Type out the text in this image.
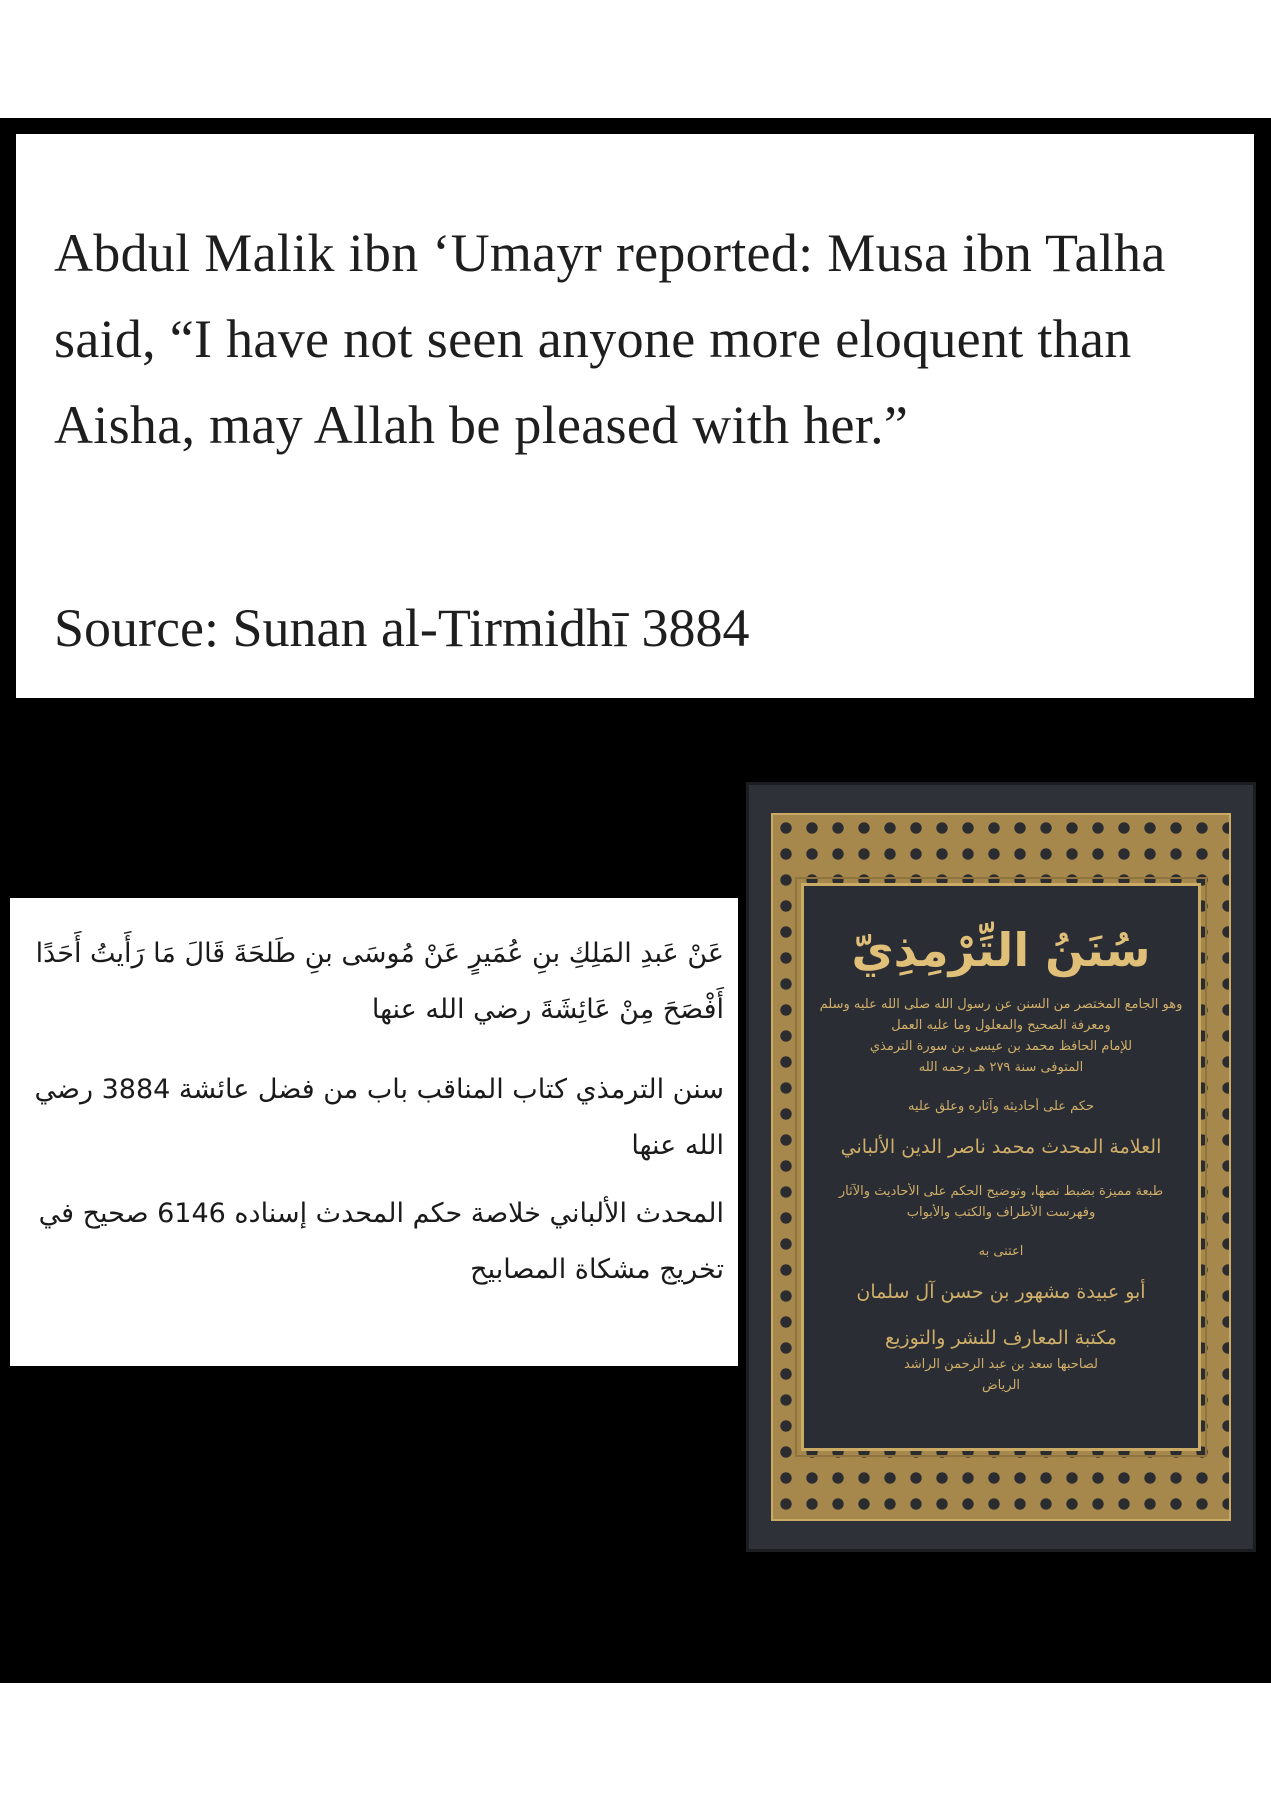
Abdul Malik ibn ‘Umayr reported: Musa ibn Talha said, “I have not seen anyone more eloquent than Aisha, may Allah be pleased with her.”

Source: Sunan al-Tirmidhī 3884

عَنْ عَبدِ المَلِكِ بنِ عُمَيرٍ عَنْ مُوسَى بنِ طَلحَةَ قَالَ مَا رَأَيتُ أَحَدًا أَفْصَحَ مِنْ عَائِشَةَ رضي الله عنها

سنن الترمذي كتاب المناقب باب من فضل عائشة 3884 رضي الله عنها

المحدث الألباني خلاصة حكم المحدث إسناده 6146 صحيح في تخريج مشكاة المصابيح

سُنَنُ التِّرْمِذِيّ
وهو الجامع المختصر من السنن عن رسول الله صلى الله عليه وسلم
ومعرفة الصحيح والمعلول وما عليه العمل
للإمام الحافظ محمد بن عيسى بن سورة الترمذي
المتوفى سنة ٢٧٩ هـ رحمه الله
حكم على أحاديثه وآثاره وعلق عليه
العلامة المحدث محمد ناصر الدين الألباني
طبعة مميزة بضبط نصها، وتوضيح الحكم على الأحاديث والآثار
وفهرست الأطراف والكتب والأبواب
اعتنى به
أبو عبيدة مشهور بن حسن آل سلمان
مكتبة المعارف للنشر والتوزيع
لصاحبها سعد بن عبد الرحمن الراشد
الرياض
